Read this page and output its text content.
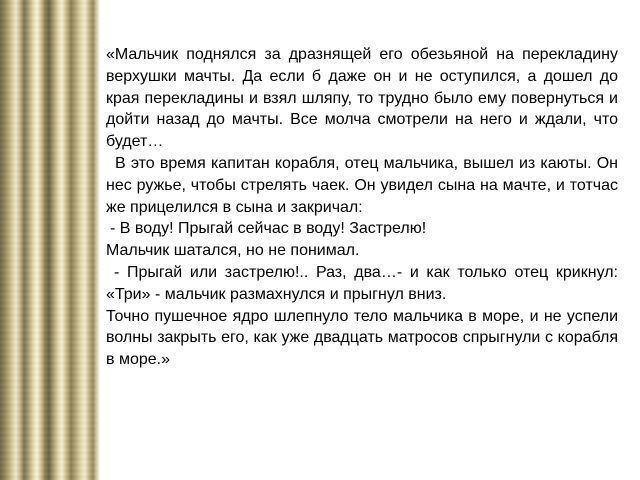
«Мальчик поднялся за дразнящей его обезьяной на перекладину верхушки мачты. Да если б даже он и не оступился, а дошел до края перекладины и взял шляпу, то трудно было ему повернуться и дойти назад до мачты. Все молча смотрели на него и ждали, что будет…

В это время капитан корабля, отец мальчика, вышел из каюты. Он нес ружье, чтобы стрелять чаек. Он увидел сына на мачте, и тотчас же прицелился в сына и закричал:

- В воду! Прыгай сейчас в воду! Застрелю!

Мальчик шатался, но не понимал.

- Прыгай или застрелю!.. Раз, два…- и как только отец крикнул: «Три» - мальчик размахнулся и прыгнул вниз.

Точно пушечное ядро шлепнуло тело мальчика в море, и не успели волны закрыть его, как уже двадцать матросов спрыгнули с корабля в море.»
